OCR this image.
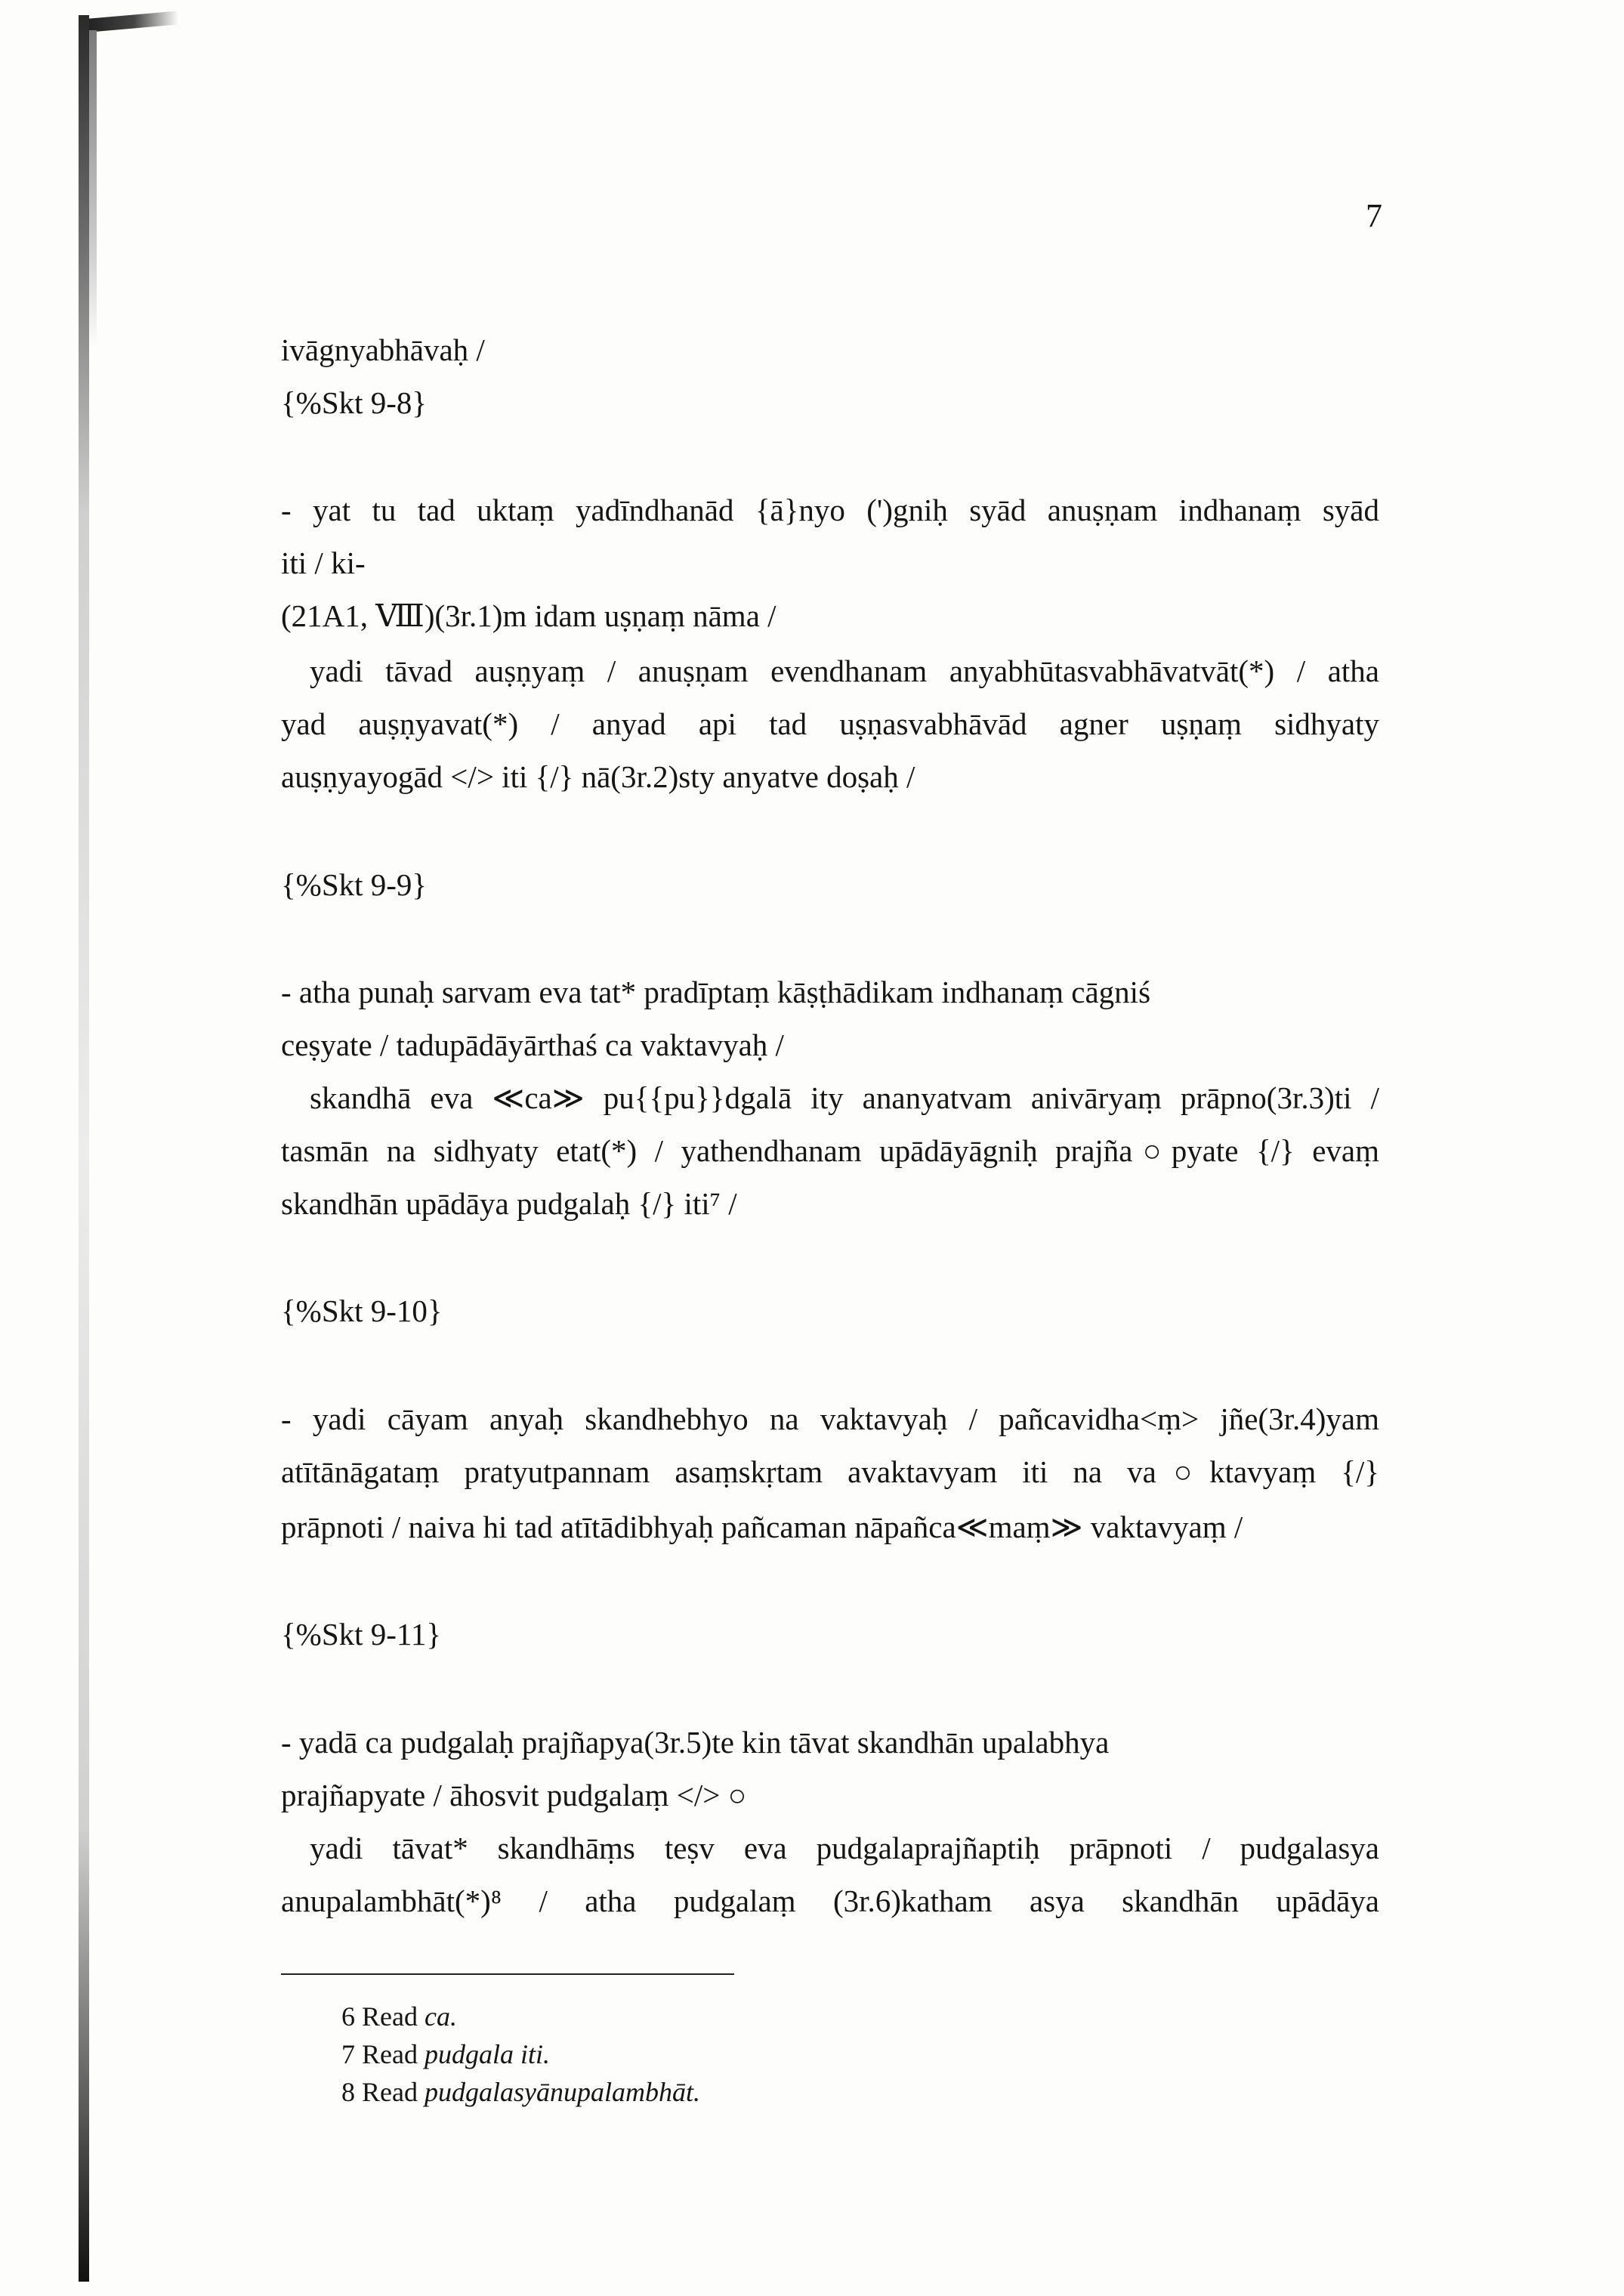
7
ivāgnyabhāvaḥ /
{%Skt 9-8}
- yat tu tad uktaṃ yadīndhanād {ā}nyo (')gniḥ syād anuṣṇam indhanaṃ syād
iti / ki-
(21A1, Ⅷ)(3r.1)m idam uṣṇaṃ nāma /
yadi tāvad auṣṇyaṃ / anuṣṇam evendhanam anyabhūtasvabhāvatvāt(*) / atha
yad auṣṇyavat(*) / anyad api tad uṣṇasvabhāvād agner uṣṇaṃ sidhyaty
auṣṇyayogād </> iti {/} nā(3r.2)sty anyatve doṣaḥ /
{%Skt 9-9}
- atha punaḥ sarvam eva tat* pradīptaṃ kāṣṭhādikam indhanaṃ cāgniś
ceṣyate / tadupādāyārthaś ca vaktavyaḥ /
skandhā eva ≪ca≫ pu{{pu}}dgalā ity ananyatvam anivāryaṃ prāpno(3r.3)ti /
tasmān na sidhyaty etat(*) / yathendhanam upādāyāgniḥ prajña○pyate {/} evaṃ
skandhān upādāya pudgalaḥ {/} iti⁷ /
{%Skt 9-10}
- yadi cāyam anyaḥ skandhebhyo na vaktavyaḥ / pañcavidha<ṃ> jñe(3r.4)yam
atītānāgataṃ pratyutpannam asaṃskṛtam avaktavyam iti na va○ktavyaṃ {/}
prāpnoti / naiva hi tad atītādibhyaḥ pañcaman nāpañca≪maṃ≫ vaktavyaṃ /
{%Skt 9-11}
- yadā ca pudgalaḥ prajñapya(3r.5)te kin tāvat skandhān upalabhya
prajñapyate / āhosvit pudgalaṃ </> ○
yadi tāvat* skandhāṃs teṣv eva pudgalaprajñaptiḥ prāpnoti / pudgalasya
anupalambhāt(*)⁸ / atha pudgalaṃ (3r.6)katham asya skandhān upādāya
6 Read ca.
7 Read pudgala iti.
8 Read pudgalasyānupalambhāt.
